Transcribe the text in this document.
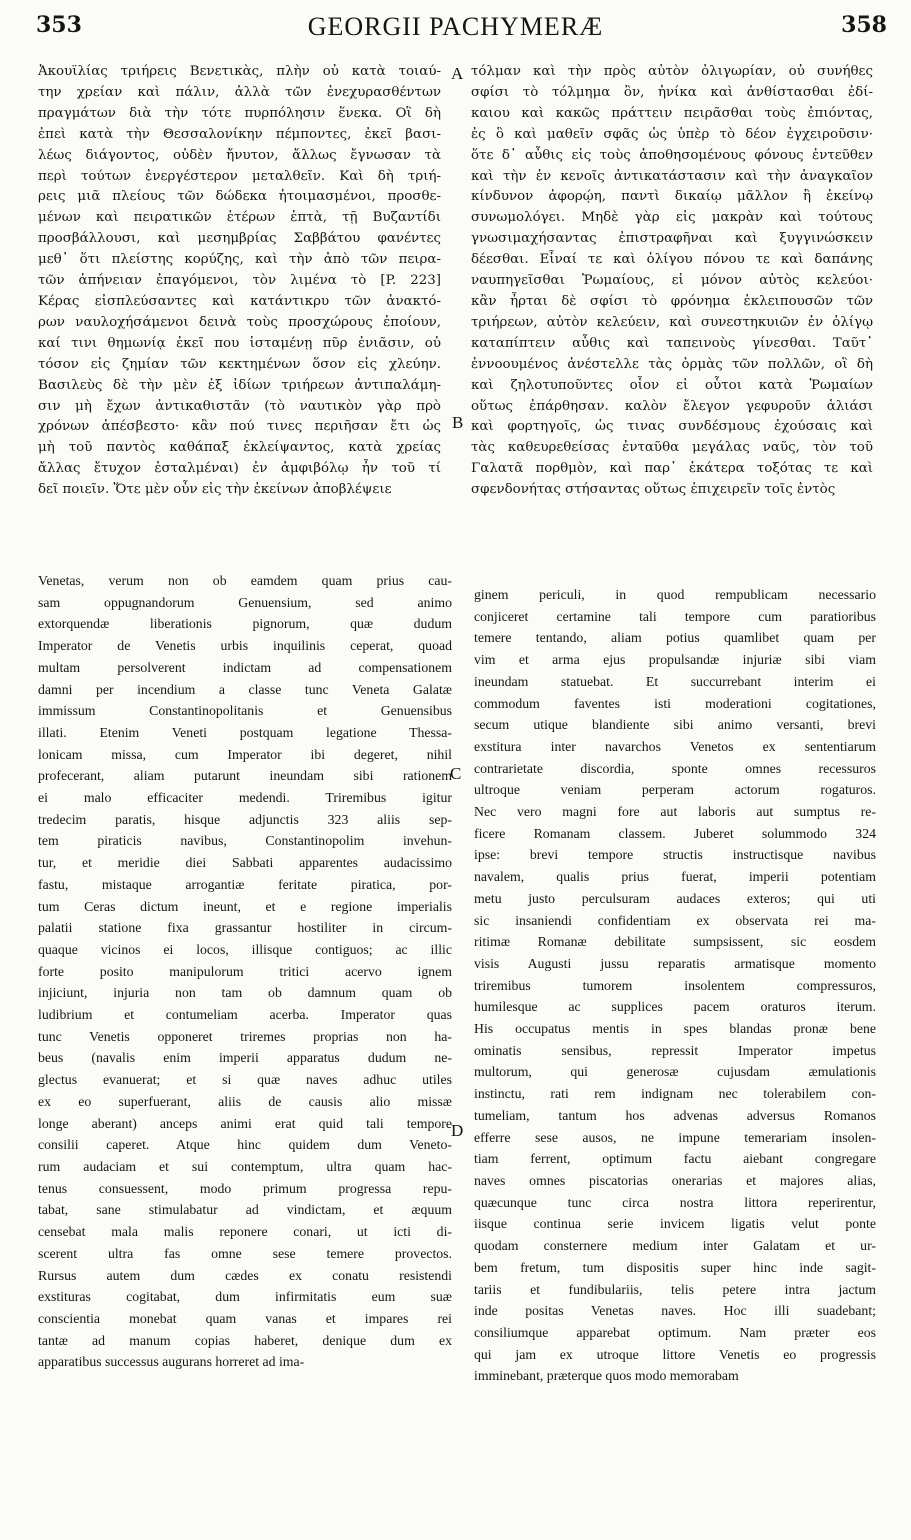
353	GEORGII PACHYMERÆ	358
Ἀκουϊλίας τριήρεις Βενετικὰς, πλὴν οὐ κατὰ τοιαύ-
την χρείαν καὶ πάλιν, ἀλλὰ τῶν ἐνεχυρασθέντων
πραγμάτων διὰ τὴν τότε πυρπόλησιν ἕνεκα. Οἳ δὴ
ἐπεὶ κατὰ τὴν Θεσσαλονίκην πέμποντες, ἐκεῖ βασι-
λέως διάγοντος, οὐδὲν ἤνυτον, ἄλλως ἔγνωσαν τὰ
περὶ τούτων ἐνεργέστερον μεταλθεῖν. Καὶ δὴ τριή-
ρεις μιᾶ πλείους τῶν δώδεκα ἡτοιμασμένοι, προσθε-
μένων καὶ πειρατικῶν ἑτέρων ἑπτὰ, τῇ Βυζαντίδι
προσβάλλουσι, καὶ μεσημβρίας Σαββάτου φανέντες
μεθ᾽ ὅτι πλείστης κορύζης, καὶ τὴν ἀπὸ τῶν πειρα-
τῶν ἀπήνειαν ἐπαγόμενοι, τὸν λιμένα τὸ [P. 223]
Κέρας εἰσπλεύσαντες καὶ κατάντικρυ τῶν ἀνακτό-
ρων ναυλοχήσάμενοι δεινὰ τοὺς προσχώρους ἐποίουν,
καί τινι θημωνίᾳ ἐκεῖ που ἱσταμένῃ πῦρ ἐνιᾶσιν, οὐ
τόσον εἰς ζημίαν τῶν κεκτημένων ὅσον εἰς χλεύην.
Βασιλεὺς δὲ τὴν μὲν ἐξ ἰδίων τριήρεων ἀντιπαλάμη-
σιν μὴ ἔχων ἀντικαθιστᾶν (τὸ ναυτικὸν γὰρ πρὸ
χρόνων ἀπέσβεστο· κἂν πού τινες περιῆσαν ἔτι ὡς
μὴ τοῦ παντὸς καθάπαξ ἐκλείψαντος, κατὰ χρείας
ἄλλας ἔτυχον ἐσταλμέναι) ἐν ἀμφιβόλῳ ἦν τοῦ τί
δεῖ ποιεῖν. Ὅτε μὲν οὖν εἰς τὴν ἐκείνων ἀποβλέψειε
τόλμαν καὶ τὴν πρὸς αὐτὸν ὀλιγωρίαν, οὐ συνήθες
σφίσι τὸ τόλμημα ὂν, ἡνίκα καὶ ἀνθίστασθαι ἐδί-
καιου καὶ κακῶς πράττειν πειρᾶσθαι τοὺς ἐπιόντας,
ἐς ὃ καὶ μαθεῖν σφᾶς ὡς ὑπὲρ τὸ δέον ἐγχειροῦσιν·
ὅτε δ᾽ αὖθις εἰς τοὺς ἀποθησομένους φόνους ἐντεῦθεν
καὶ τὴν ἐν κενοῖς ἀντικατάστασιν καὶ τὴν ἀναγκαῖον
κίνδυνον ἀφορῴη, παντὶ δικαίῳ μᾶλλον ἢ ἐκείνῳ
συνωμολόγει. Μηδὲ γὰρ εἰς μακρὰν καὶ τούτους
γνωσιμαχήσαντας ἐπιστραφῆναι καὶ ξυγγινώσκειν
δέεσθαι. Εἶναί τε καὶ ὀλίγου πόνου τε καὶ δαπάνης
ναυπηγεῖσθαι Ῥωμαίους, εἰ μόνον αὐτὸς κελεύοι·
κἂν ἦρται δὲ σφίσι τὸ φρόνημα ἐκλειπουσῶν τῶν
τριήρεων, αὐτὸν κελεύειν, καὶ συνεστηκυιῶν ἐν ὀλίγῳ
καταπίπτειν αὖθις καὶ ταπεινοὺς γίνεσθαι. Ταῦτ᾽
ἐννοουμένος ἀνέστελλε τὰς ὁρμὰς τῶν πολλῶν, οἳ δὴ
καὶ ζηλοτυποῦντες οἷον εἰ οὗτοι κατὰ Ῥωμαίων
οὕτως ἐπάρθησαν. καλὸν ἔλεγον γεφυροῦν ἁλιάσι
καὶ φορτηγοῖς, ὡς τινας συνδέσμους ἐχούσαις καὶ
τὰς καθευρεθείσας ἐνταῦθα μεγάλας ναῦς, τὸν τοῦ
Γαλατᾶ πορθμὸν, καὶ παρ᾽ ἑκάτερα τοξότας τε καὶ
σφενδονήτας στήσαντας οὕτως ἐπιχειρεῖν τοῖς ἐντὸς
Venetas, verum non ob eamdem quam prius cau-
sam oppugnandorum Genuensium, sed animo
extorquendæ liberationis pignorum, quæ dudum
Imperator de Venetis urbis inquilinis ceperat, quoad
multam persolverent indictam ad compensationem
damni per incendium a classe tunc Veneta Galatæ
immissum Constantinopolitanis et Genuensibus
illati. Etenim Veneti postquam legatione Thessa-
lonicam missa, cum Imperator ibi degeret, nihil
profecerant, aliam putarunt ineundam sibi rationem
ei malo efficaciter medendi. Triremibus igitur
tredecim paratis, hisque adjunctis 323 aliis sep-
tem piraticis navibus, Constantinopolim invehun-
tur, et meridie diei Sabbati apparentes audacissimo
fastu, mistaque arrogantiæ feritate piratica, por-
tum Ceras dictum ineunt, et e regione imperialis
palatii statione fixa grassantur hostiliter in circum-
quaque vicinos ei locos, illisque contiguos; ac illic
forte posito manipulorum tritici acervo ignem
injiciunt, injuria non tam ob damnum quam ob
ludibrium et contumeliam acerba. Imperator quas
tunc Venetis opponeret triremes proprias non ha-
beus (navalis enim imperii apparatus dudum ne-
glectus evanuerat; et si quæ naves adhuc utiles
ex eo superfuerant, aliis de causis alio missæ
longe aberant) anceps animi erat quid tali tempore
consilii caperet. Atque hinc quidem dum Veneto-
rum audaciam et sui contemptum, ultra quam hac-
tenus consuessent, modo primum progressa repu-
tabat, sane stimulabatur ad vindictam, et æquum
censebat mala malis reponere conari, ut icti di-
scerent ultra fas omne sese temere provectos.
Rursus autem dum cædes ex conatu resistendi
exstituras cogitabat, dum infirmitatis eum suæ
conscientia monebat quam vanas et impares rei
tantæ ad manum copias haberet, denique dum ex
apparatibus successus augurans horreret ad ima-
ginem periculi, in quod rempublicam necessario
conjiceret certamine tali tempore cum paratioribus
temere tentando, aliam potius quamlibet quam per
vim et arma ejus propulsandæ injuriæ sibi viam
ineundam statuebat. Et succurrebant interim ei
commodum faventes isti moderationi cogitationes,
secum utique blandiente sibi animo versanti, brevi
exstitura inter navarchos Venetos ex sententiarum
contrarietate discordia, sponte omnes recessuros
ultroque veniam perperam actorum rogaturos.
Nec vero magni fore aut laboris aut sumptus re-
ficere Romanam classem. Juberet solummodo 324
ipse: brevi tempore structis instructisque navibus
navalem, qualis prius fuerat, imperii potentiam
metu justo perculsuram audaces exteros; qui uti
sic insaniendi confidentiam ex observata rei ma-
ritimæ Romanæ debilitate sumpsissent, sic eosdem
visis Augusti jussu reparatis armatisque momento
triremibus tumorem insolentem compressuros,
humilesque ac supplices pacem oraturos iterum.
His occupatus mentis in spes blandas pronæ bene
ominatis sensibus, repressit Imperator impetus
multorum, qui generosæ cujusdam æmulationis
instinctu, rati rem indignam nec tolerabilem con-
tumeliam, tantum hos advenas adversus Romanos
efferre sese ausos, ne impune temerariam insolen-
tiam ferrent, optimum factu aiebant congregare
naves omnes piscatorias onerarias et majores alias,
quæcunque tunc circa nostra littora reperirentur,
iisque continua serie invicem ligatis velut ponte
quodam consternere medium inter Galatam et ur-
bem fretum, tum dispositis super hinc inde sagit-
tariis et fundibulariis, telis petere intra jactum
inde positas Venetas naves. Hoc illi suadebant;
consiliumque apparebat optimum. Nam præter eos
qui jam ex utroque littore Venetis eo progressis
imminebant, præterque quos modo memorabam
A
B
C
D
